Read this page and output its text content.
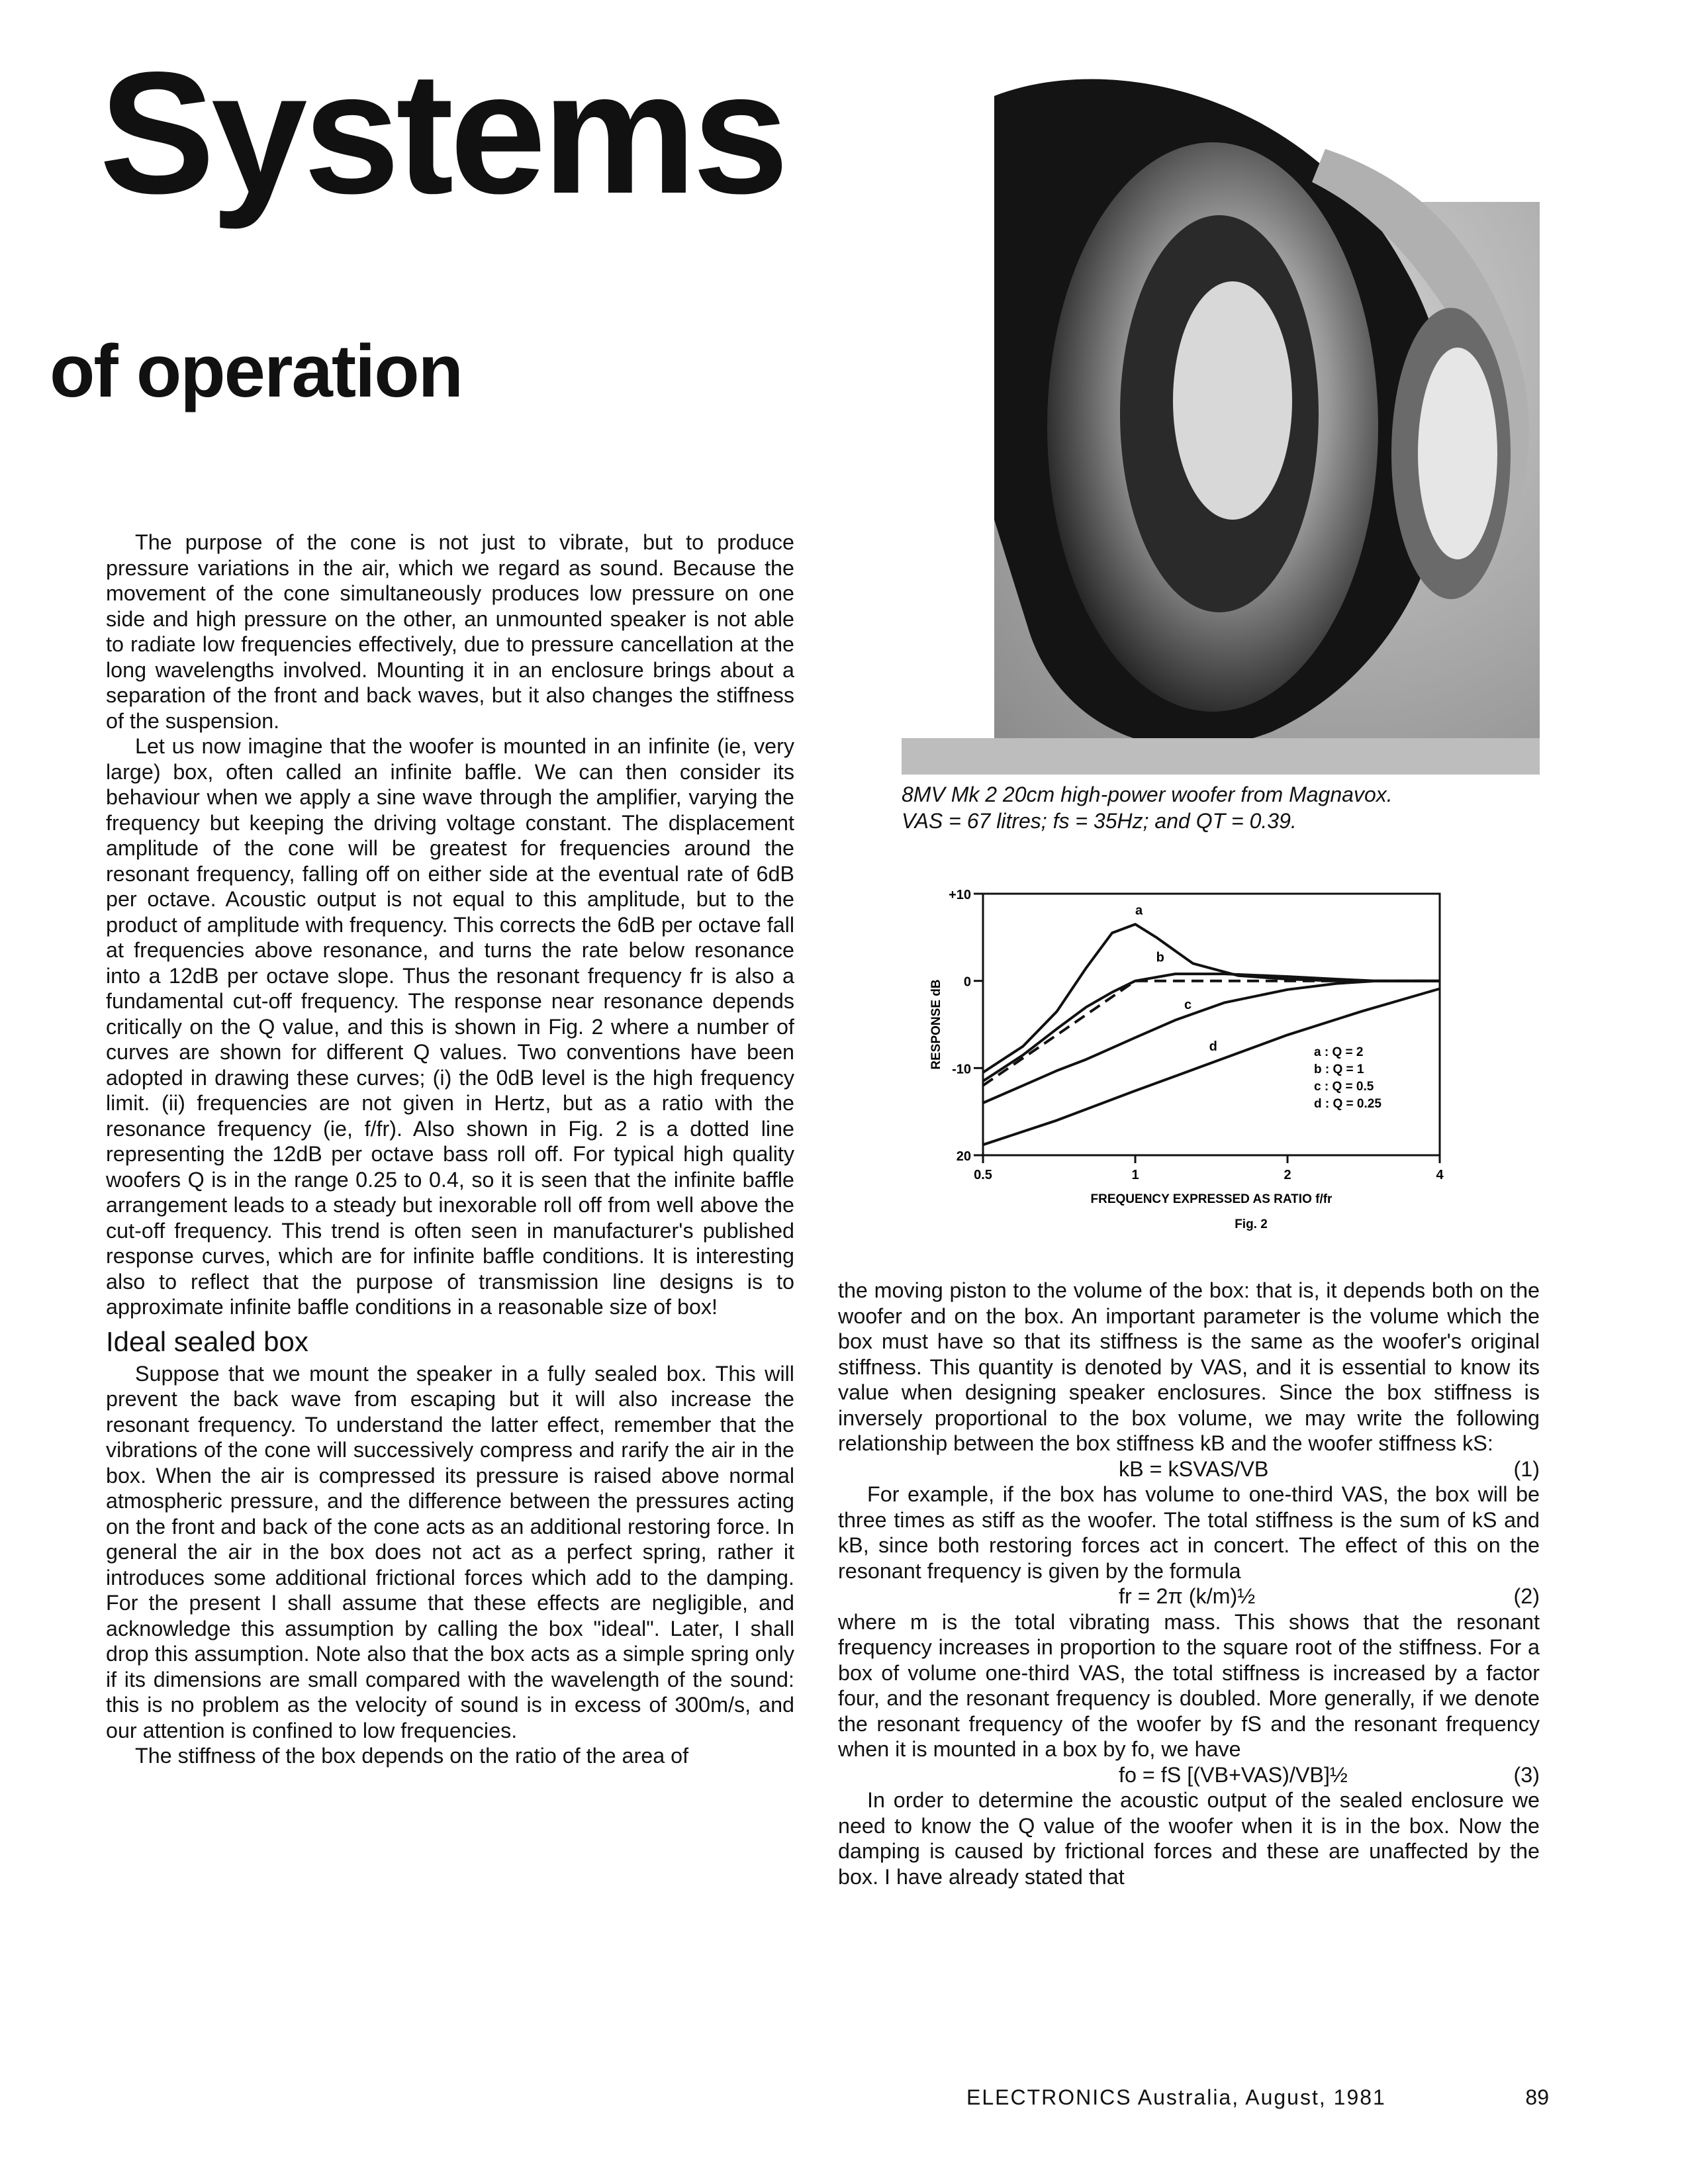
Systems
of operation

8MV Mk 2 20cm high-power woofer from Magnavox.

VAS = 67 litres; fs = 35Hz; and QT = 0.39.

+10
0
-10
20
0.5	1	2	4
FREQUENCY EXPRESSED AS RATIO f/fr
RESPONSE dB
Fig. 2
a
b
c
d	a : Q = 2
b : Q = 1
c : Q = 0.5
d : Q = 0.25

The purpose of the cone is not just to vibrate, but to produce pressure variations in the air, which we regard as sound. Because the movement of the cone simultaneously produces low pressure on one side and high pressure on the other, an unmounted speaker is not able to radiate low frequencies effectively, due to pressure cancellation at the long wavelengths involved. Mounting it in an enclosure brings about a separation of the front and back waves, but it also changes the stiffness of the suspension.

Let us now imagine that the woofer is mounted in an infinite (ie, very large) box, often called an infinite baffle. We can then consider its behaviour when we apply a sine wave through the amplifier, varying the frequency but keeping the driving voltage constant. The displacement amplitude of the cone will be greatest for frequencies around the resonant frequency, falling off on either side at the eventual rate of 6dB per octave. Acoustic output is not equal to this amplitude, but to the product of amplitude with frequency. This corrects the 6dB per octave fall at frequencies above resonance, and turns the rate below resonance into a 12dB per octave slope. Thus the resonant frequency fr is also a fundamental cut-off frequency. The response near resonance depends critically on the Q value, and this is shown in Fig. 2 where a number of curves are shown for different Q values. Two conventions have been adopted in drawing these curves; (i) the 0dB level is the high frequency limit. (ii) frequencies are not given in Hertz, but as a ratio with the resonance frequency (ie, f/fr). Also shown in Fig. 2 is a dotted line representing the 12dB per octave bass roll off. For typical high quality woofers Q is in the range 0.25 to 0.4, so it is seen that the infinite baffle arrangement leads to a steady but inexorable roll off from well above the cut-off frequency. This trend is often seen in manufacturer's published response curves, which are for infinite baffle conditions. It is interesting also to reflect that the purpose of transmission line designs is to approximate infinite baffle conditions in a reasonable size of box!

Ideal sealed box

Suppose that we mount the speaker in a fully sealed box. This will prevent the back wave from escaping but it will also increase the resonant frequency. To understand the latter effect, remember that the vibrations of the cone will successively compress and rarify the air in the box. When the air is compressed its pressure is raised above normal atmospheric pressure, and the difference between the pressures acting on the front and back of the cone acts as an additional restoring force. In general the air in the box does not act as a perfect spring, rather it introduces some additional frictional forces which add to the damping. For the present I shall assume that these effects are negligible, and acknowledge this assumption by calling the box "ideal". Later, I shall drop this assumption. Note also that the box acts as a simple spring only if its dimensions are small compared with the wavelength of the sound: this is no problem as the velocity of sound is in excess of 300m/s, and our attention is confined to low frequencies.

The stiffness of the box depends on the ratio of the area of

the moving piston to the volume of the box: that is, it depends both on the woofer and on the box. An important parameter is the volume which the box must have so that its stiffness is the same as the woofer's original stiffness. This quantity is denoted by VAS, and it is essential to know its value when designing speaker enclosures. Since the box stiffness is inversely proportional to the box volume, we may write the following relationship between the box stiffness kB and the woofer stiffness kS:

kB = kSVAS/VB	(1)

For example, if the box has volume to one-third VAS, the box will be three times as stiff as the woofer. The total stiffness is the sum of kS and kB, since both restoring forces act in concert. The effect of this on the resonant frequency is given by the formula

fr = 2π (k/m)½	(2)

where m is the total vibrating mass. This shows that the resonant frequency increases in proportion to the square root of the stiffness. For a box of volume one-third VAS, the total stiffness is increased by a factor four, and the resonant frequency is doubled. More generally, if we denote the resonant frequency of the woofer by fS and the resonant frequency when it is mounted in a box by fo, we have

fo = fS [(VB+VAS)/VB]½	(3)

In order to determine the acoustic output of the sealed enclosure we need to know the Q value of the woofer when it is in the box. Now the damping is caused by frictional forces and these are unaffected by the box. I have already stated that

ELECTRONICS Australia, August, 1981	89
